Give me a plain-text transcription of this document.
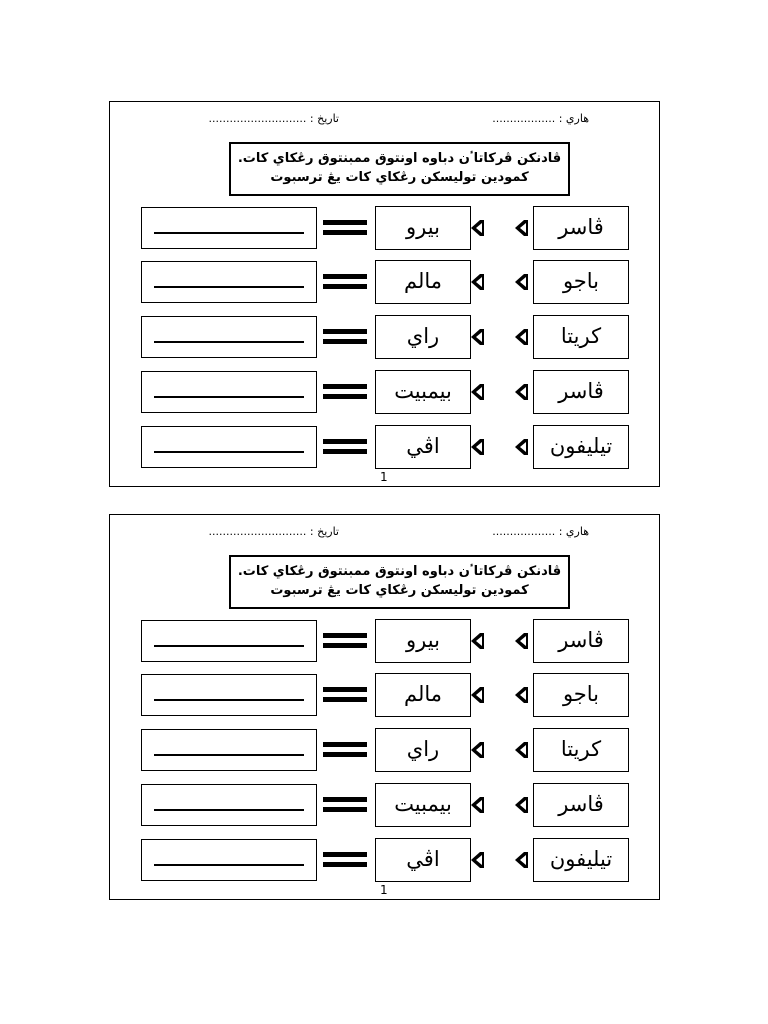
هاري : ..................
تاريخ : ............................
ڤادنكن ڤركاتاٴن دباوه اونتوق ممبنتوق رڠکاي كات.
كمودين توليسكن رڠكاي كات يڠ ترسبوت
بيرو	ڤاسر
مالم	باجو
راي	كريتا
بيمبيت	ڤاسر
اڤي	تيليفون
1
هاري : ..................
تاريخ : ............................
ڤادنكن ڤركاتاٴن دباوه اونتوق ممبنتوق رڠکاي كات.
كمودين توليسكن رڠكاي كات يڠ ترسبوت
بيرو	ڤاسر
مالم	باجو
راي	كريتا
بيمبيت	ڤاسر
اڤي	تيليفون
1
